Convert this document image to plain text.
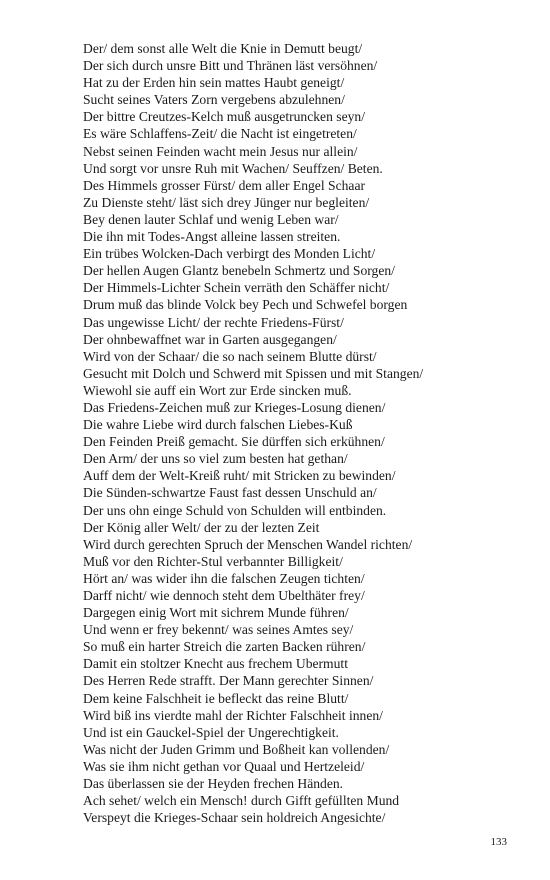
Der/ dem sonst alle Welt die Knie in Demutt beugt/
Der sich durch unsre Bitt und Thränen läst versöhnen/
Hat zu der Erden hin sein mattes Haubt geneigt/
Sucht seines Vaters Zorn vergebens abzulehnen/
Der bittre Creutzes-Kelch muß ausgetruncken seyn/
Es wäre Schlaffens-Zeit/ die Nacht ist eingetreten/
Nebst seinen Feinden wacht mein Jesus nur allein/
Und sorgt vor unsre Ruh mit Wachen/ Seuffzen/ Beten.
Des Himmels grosser Fürst/ dem aller Engel Schaar
Zu Dienste steht/ läst sich drey Jünger nur begleiten/
Bey denen lauter Schlaf und wenig Leben war/
Die ihn mit Todes-Angst alleine lassen streiten.
Ein trübes Wolcken-Dach verbirgt des Monden Licht/
Der hellen Augen Glantz benebeln Schmertz und Sorgen/
Der Himmels-Lichter Schein verräth den Schäffer nicht/
Drum muß das blinde Volck bey Pech und Schwefel borgen
Das ungewisse Licht/ der rechte Friedens-Fürst/
Der ohnbewaffnet war in Garten ausgegangen/
Wird von der Schaar/ die so nach seinem Blutte dürst/
Gesucht mit Dolch und Schwerd mit Spissen und mit Stangen/
Wiewohl sie auff ein Wort zur Erde sincken muß.
Das Friedens-Zeichen muß zur Krieges-Losung dienen/
Die wahre Liebe wird durch falschen Liebes-Kuß
Den Feinden Preiß gemacht. Sie dürffen sich erkühnen/
Den Arm/ der uns so viel zum besten hat gethan/
Auff dem der Welt-Kreiß ruht/ mit Stricken zu bewinden/
Die Sünden-schwartze Faust fast dessen Unschuld an/
Der uns ohn einge Schuld von Schulden will entbinden.
Der König aller Welt/ der zu der lezten Zeit
Wird durch gerechten Spruch der Menschen Wandel richten/
Muß vor den Richter-Stul verbannter Billigkeit/
Hört an/ was wider ihn die falschen Zeugen tichten/
Darff nicht/ wie dennoch steht dem Ubelthäter frey/
Dargegen einig Wort mit sichrem Munde führen/
Und wenn er frey bekennt/ was seines Amtes sey/
So muß ein harter Streich die zarten Backen rühren/
Damit ein stoltzer Knecht aus frechem Ubermutt
Des Herren Rede strafft. Der Mann gerechter Sinnen/
Dem keine Falschheit ie befleckt das reine Blutt/
Wird biß ins vierdte mahl der Richter Falschheit innen/
Und ist ein Gauckel-Spiel der Ungerechtigkeit.
Was nicht der Juden Grimm und Boßheit kan vollenden/
Was sie ihm nicht gethan vor Quaal und Hertzeleid/
Das überlassen sie der Heyden frechen Händen.
Ach sehet/ welch ein Mensch! durch Gifft gefüllten Mund
Verspeyt die Krieges-Schaar sein holdreich Angesichte/
133
